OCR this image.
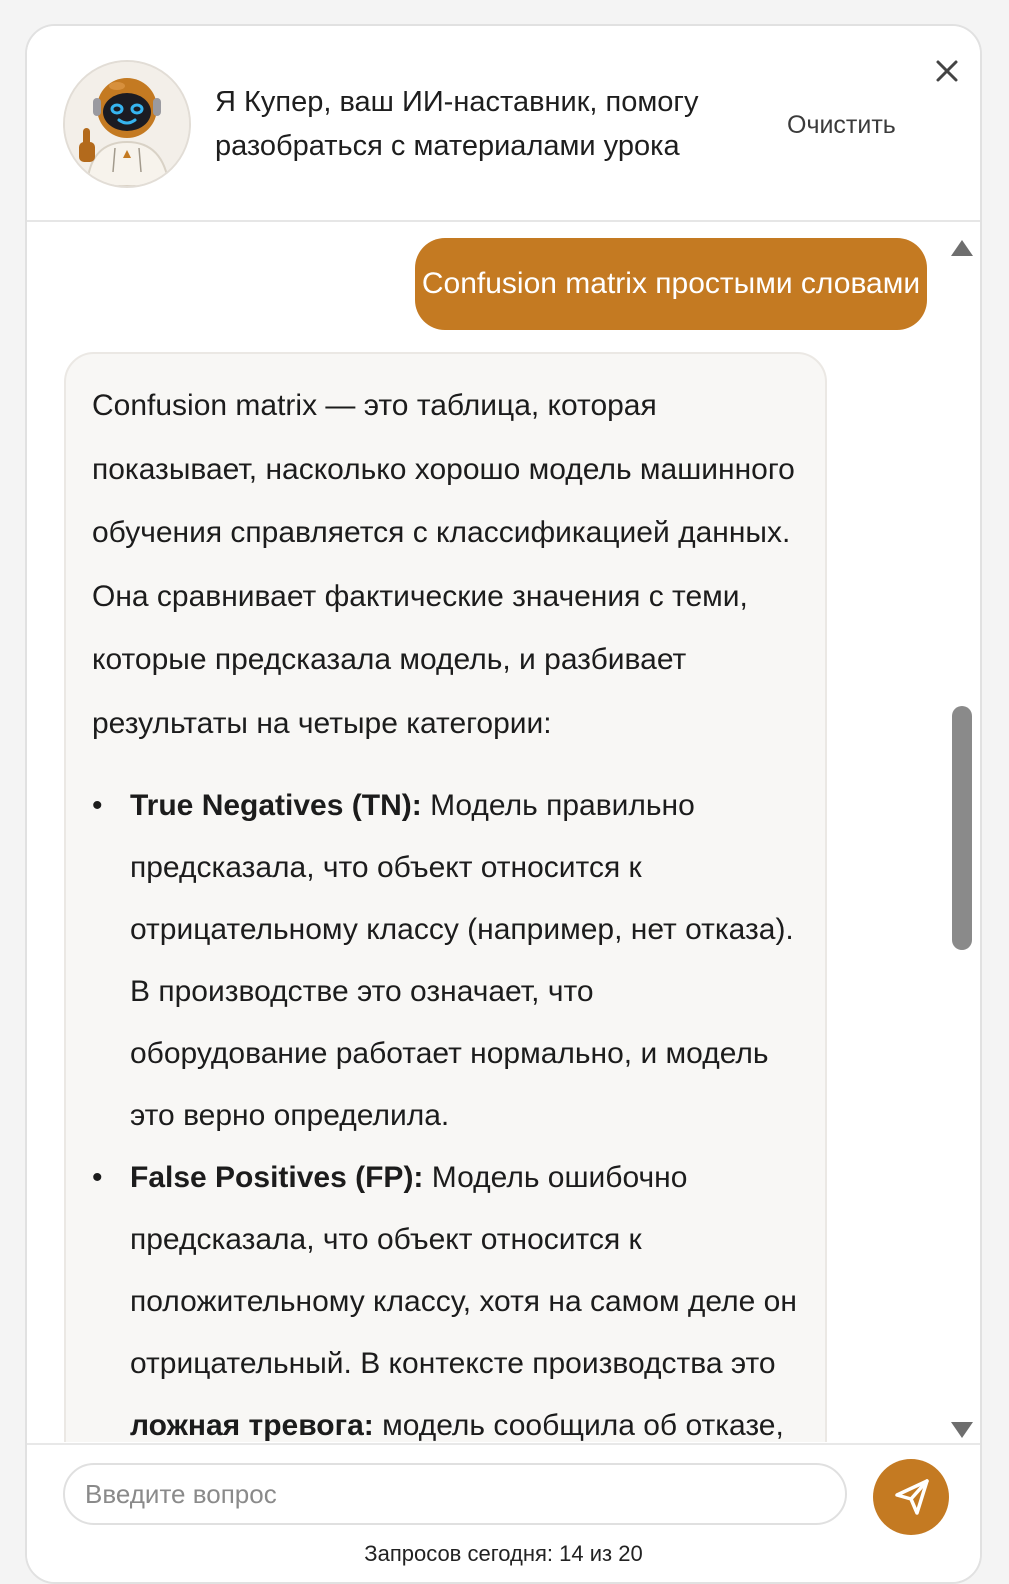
Я Купер, ваш ИИ-наставник, помогу
разобраться с материалами урока
Очистить
Confusion matrix простыми словами

Confusion matrix — это таблица, которая показывает, насколько хорошо модель машинного обучения справляется с классификацией данных. Она сравнивает фактические значения с теми, которые предсказала модель, и разбивает результаты на четыре категории:

• True Negatives (TN): Модель правильно предсказала, что объект относится к отрицательному классу (например, нет отказа). В производстве это означает, что оборудование работает нормально, и модель это верно определила.
• False Positives (FP): Модель ошибочно предсказала, что объект относится к положительному классу, хотя на самом деле он отрицательный. В контексте производства это ложная тревога: модель сообщила об отказе,
Введите вопрос
Запросов сегодня: 14 из 20
